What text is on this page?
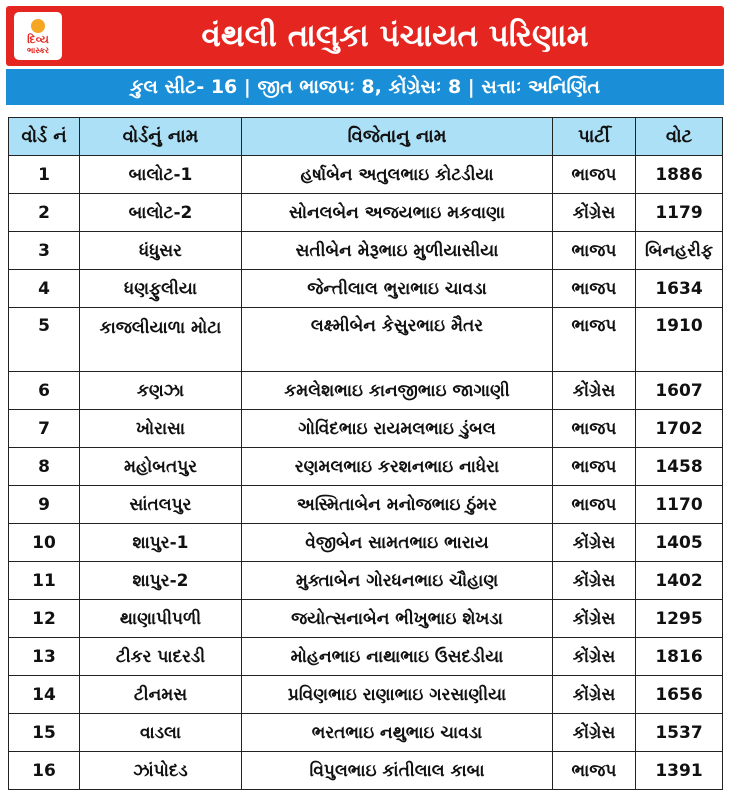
દિવ્ય
ભાસ્કર	વંથલી તાલુકા પંચાયત પરિણામ
કુલ સીટ- 16 | જીત ભાજપઃ 8, કોંગ્રેસઃ 8 | સત્તાઃ અનિર્ણિત
વોર્ડ નં	વોર્ડનું નામ	વિજેતાનુ નામ	પાર્ટી	વોટ
1	બાલોટ-1	હર્ષાબેન અતુલભાઇ કોટડીયા	ભાજપ	1886
2	બાલોટ-2	સોનલબેન અજયભાઇ મકવાણા	કોંગ્રેસ	1179
3	ધંધુસર	સતીબેન મેરૂભાઇ મુળીયાસીયા	ભાજપ	બિનહરીફ
4	ધણફુલીયા	જેન્તીલાલ ભુરાભાઇ ચાવડા	ભાજપ	1634
5	કાજલીયાળા મોટા	લક્ષ્મીબેન કેસુરભાઇ મૈતર	ભાજપ	1910
6	કણઝા	કમલેશભાઇ કાનજીભાઇ જાગાણી	કોંગ્રેસ	1607
7	ખોરાસા	ગોવિંદભાઇ રાયમલભાઇ ડુંબલ	ભાજપ	1702
8	મહોબતપુર	રણમલભાઇ કરશનભાઇ નાધેરા	ભાજપ	1458
9	સાંતલપુર	અસ્મિતાબેન મનોજભાઇ ઠુંમર	ભાજપ	1170
10	શાપુર-1	વેજીબેન સામતભાઇ ભારાય	કોંગ્રેસ	1405
11	શાપુર-2	મુક્તાબેન ગોરધનભાઇ ચૌહાણ	કોંગ્રેસ	1402
12	થાણાપીપળી	જયોત્સનાબેન ભીખુભાઇ શેખડા	કોંગ્રેસ	1295
13	ટીકર પાદરડી	મોહનભાઇ નાથાભાઇ ઉસદડીયા	કોંગ્રેસ	1816
14	ટીનમસ	પ્રવિણભાઇ રાણાભાઇ ગરસાણીયા	કોંગ્રેસ	1656
15	વાડલા	ભરતભાઇ નથુભાઇ ચાવડા	કોંગ્રેસ	1537
16	ઝાંપોદડ	વિપુલભાઇ કાંતીલાલ કાબા	ભાજપ	1391
